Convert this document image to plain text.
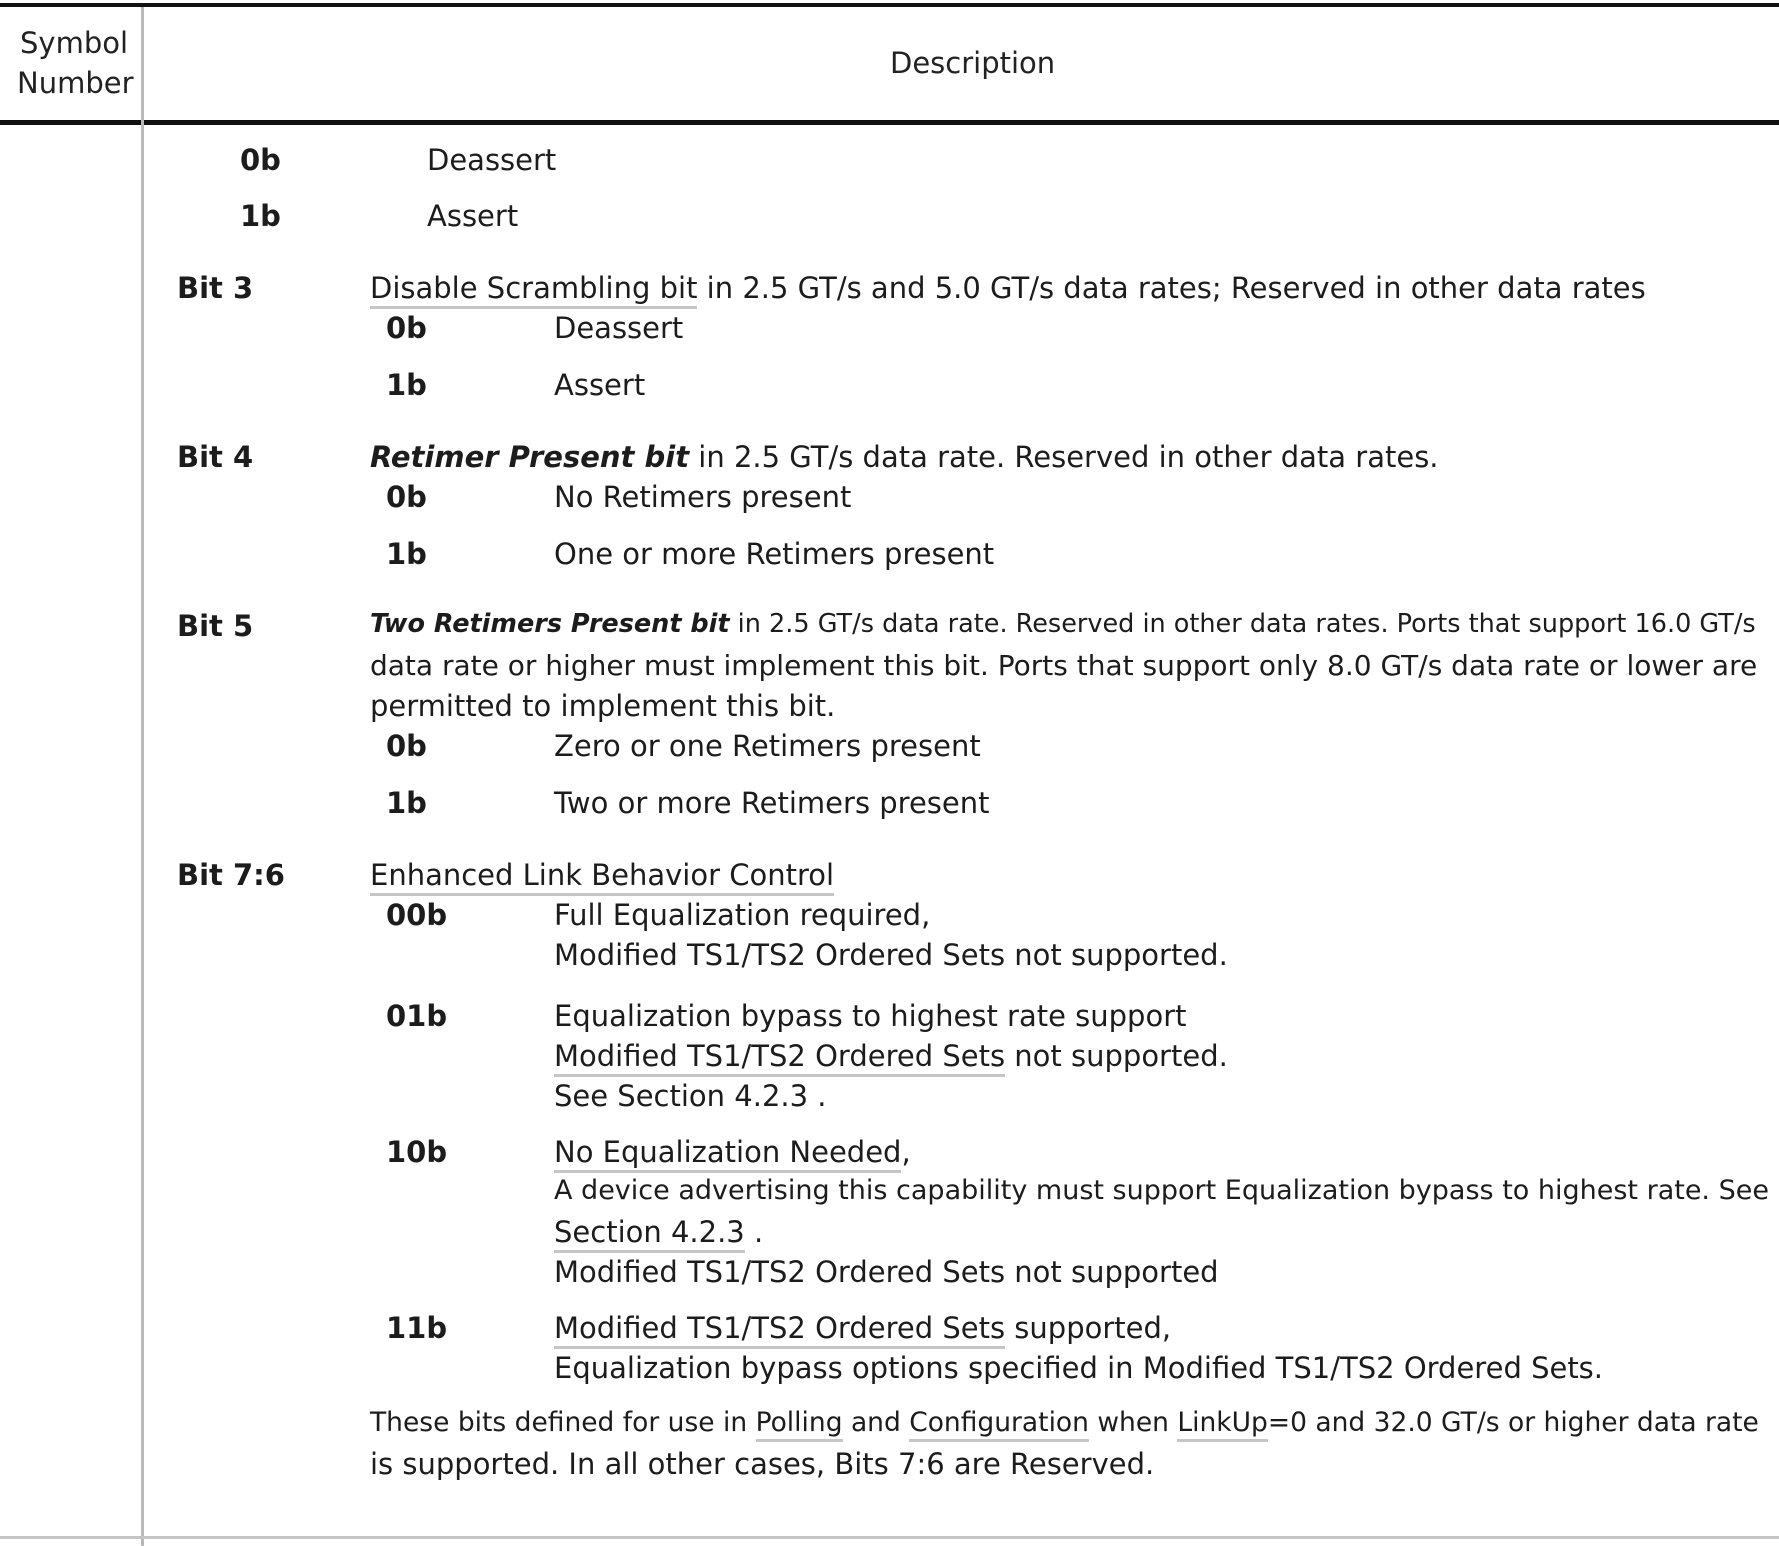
Symbol
Number
Description
0b	Deassert
1b	Assert
Bit 3	Disable Scrambling bit in 2.5 GT/s and 5.0 GT/s data rates; Reserved in other data rates
0b	Deassert
1b	Assert
Bit 4	Retimer Present bit in 2.5 GT/s data rate. Reserved in other data rates.
0b	No Retimers present
1b	One or more Retimers present
Bit 5	Two Retimers Present bit in 2.5 GT/s data rate. Reserved in other data rates. Ports that support 16.0 GT/s
data rate or higher must implement this bit. Ports that support only 8.0 GT/s data rate or lower are
permitted to implement this bit.
0b	Zero or one Retimers present
1b	Two or more Retimers present
Bit 7:6	Enhanced Link Behavior Control
00b	Full Equalization required,
Modified TS1/TS2 Ordered Sets not supported.
01b	Equalization bypass to highest rate support
Modified TS1/TS2 Ordered Sets not supported.
See Section 4.2.3 .
10b	No Equalization Needed,
A device advertising this capability must support Equalization bypass to highest rate. See
Section 4.2.3 .
Modified TS1/TS2 Ordered Sets not supported
11b	Modified TS1/TS2 Ordered Sets supported,
Equalization bypass options specified in Modified TS1/TS2 Ordered Sets.
These bits defined for use in Polling and Configuration when LinkUp=0 and 32.0 GT/s or higher data rate
is supported. In all other cases, Bits 7:6 are Reserved.
